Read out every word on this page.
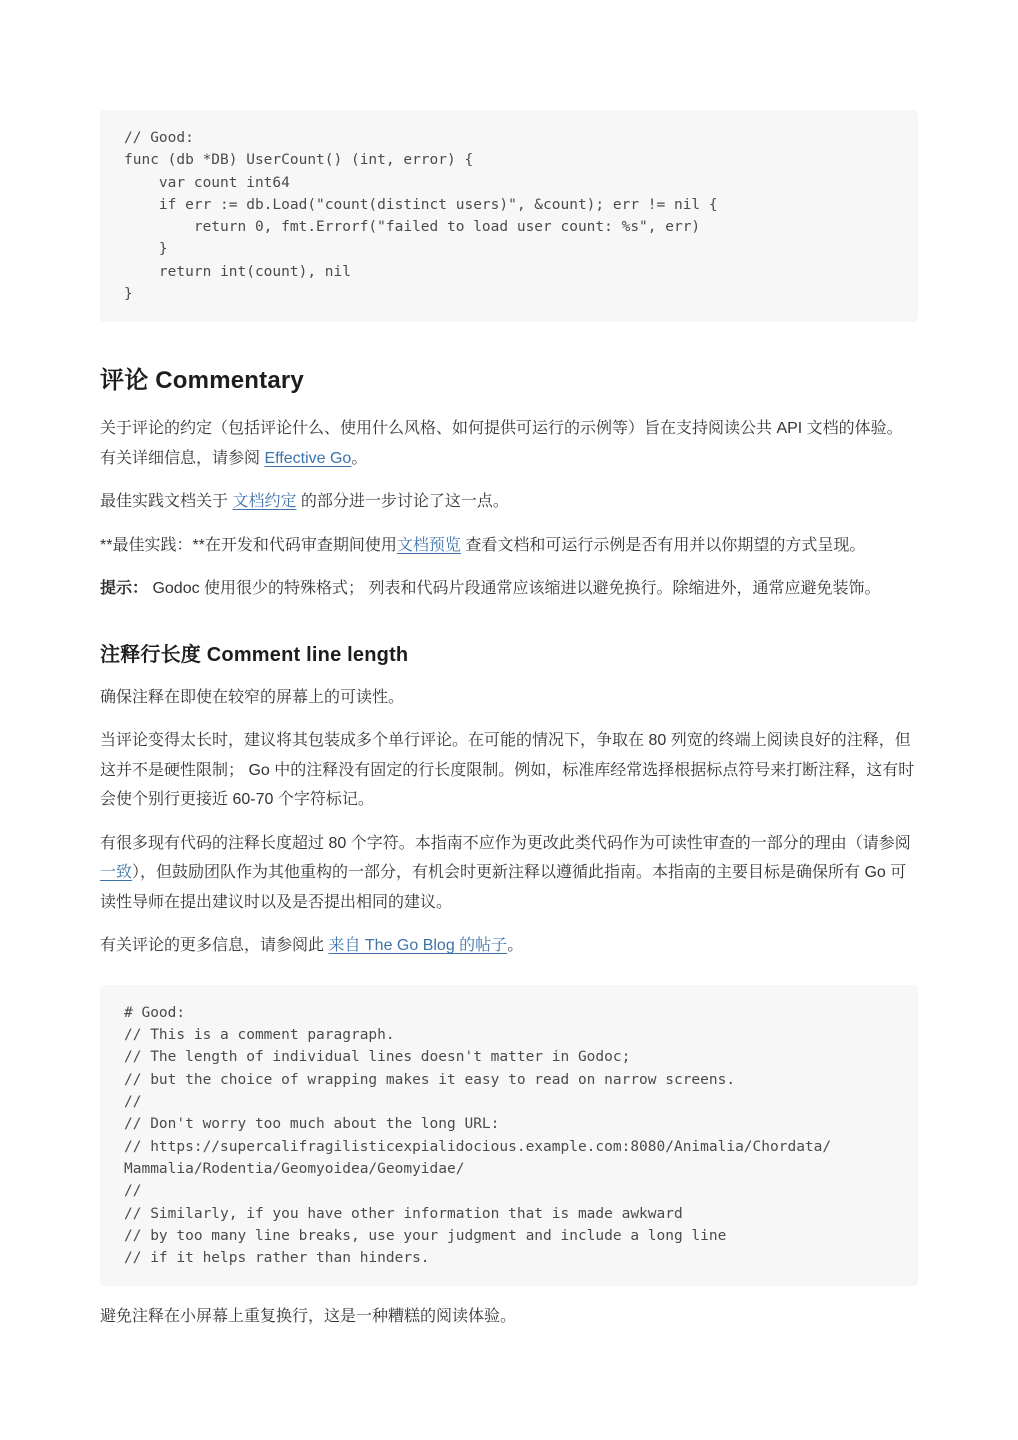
// Good:
func (db *DB) UserCount() (int, error) {
var count int64
if err := db.Load("count(distinct users)", &count); err != nil {
return 0, fmt.Errorf("failed to load user count: %s", err)
}
return int(count), nil
}
评论 Commentary

关于评论的约定（包括评论什么、使用什么风格、如何提供可运行的示例等）旨在支持阅读公共 API 文档的体验。有关详细信息，请参阅 Effective Go。

最佳实践文档关于 文档约定 的部分进一步讨论了这一点。

**最佳实践：**在开发和代码审查期间使用文档预览 查看文档和可运行示例是否有用并以你期望的方式呈现。

提示： Godoc 使用很少的特殊格式； 列表和代码片段通常应该缩进以避免换行。除缩进外，通常应避免装饰。

注释行长度 Comment line length

确保注释在即使在较窄的屏幕上的可读性。

当评论变得太长时，建议将其包装成多个单行评论。在可能的情况下，争取在 80 列宽的终端上阅读良好的注释，但这并不是硬性限制； Go 中的注释没有固定的行长度限制。例如，标准库经常选择根据标点符号来打断注释，这有时会使个别行更接近 60-70 个字符标记。

有很多现有代码的注释长度超过 80 个字符。本指南不应作为更改此类代码作为可读性审查的一部分的理由（请参阅一致），但鼓励团队作为其他重构的一部分，有机会时更新注释以遵循此指南。本指南的主要目标是确保所有 Go 可读性导师在提出建议时以及是否提出相同的建议。

有关评论的更多信息，请参阅此 来自 The Go Blog 的帖子。

# Good:
// This is a comment paragraph.
// The length of individual lines doesn't matter in Godoc;
// but the choice of wrapping makes it easy to read on narrow screens.
//
// Don't worry too much about the long URL:
// https://supercalifragilisticexpialidocious.example.com:8080/Animalia/Chordata/
Mammalia/Rodentia/Geomyoidea/Geomyidae/
//
// Similarly, if you have other information that is made awkward
// by too many line breaks, use your judgment and include a long line
// if it helps rather than hinders.

避免注释在小屏幕上重复换行，这是一种糟糕的阅读体验。
